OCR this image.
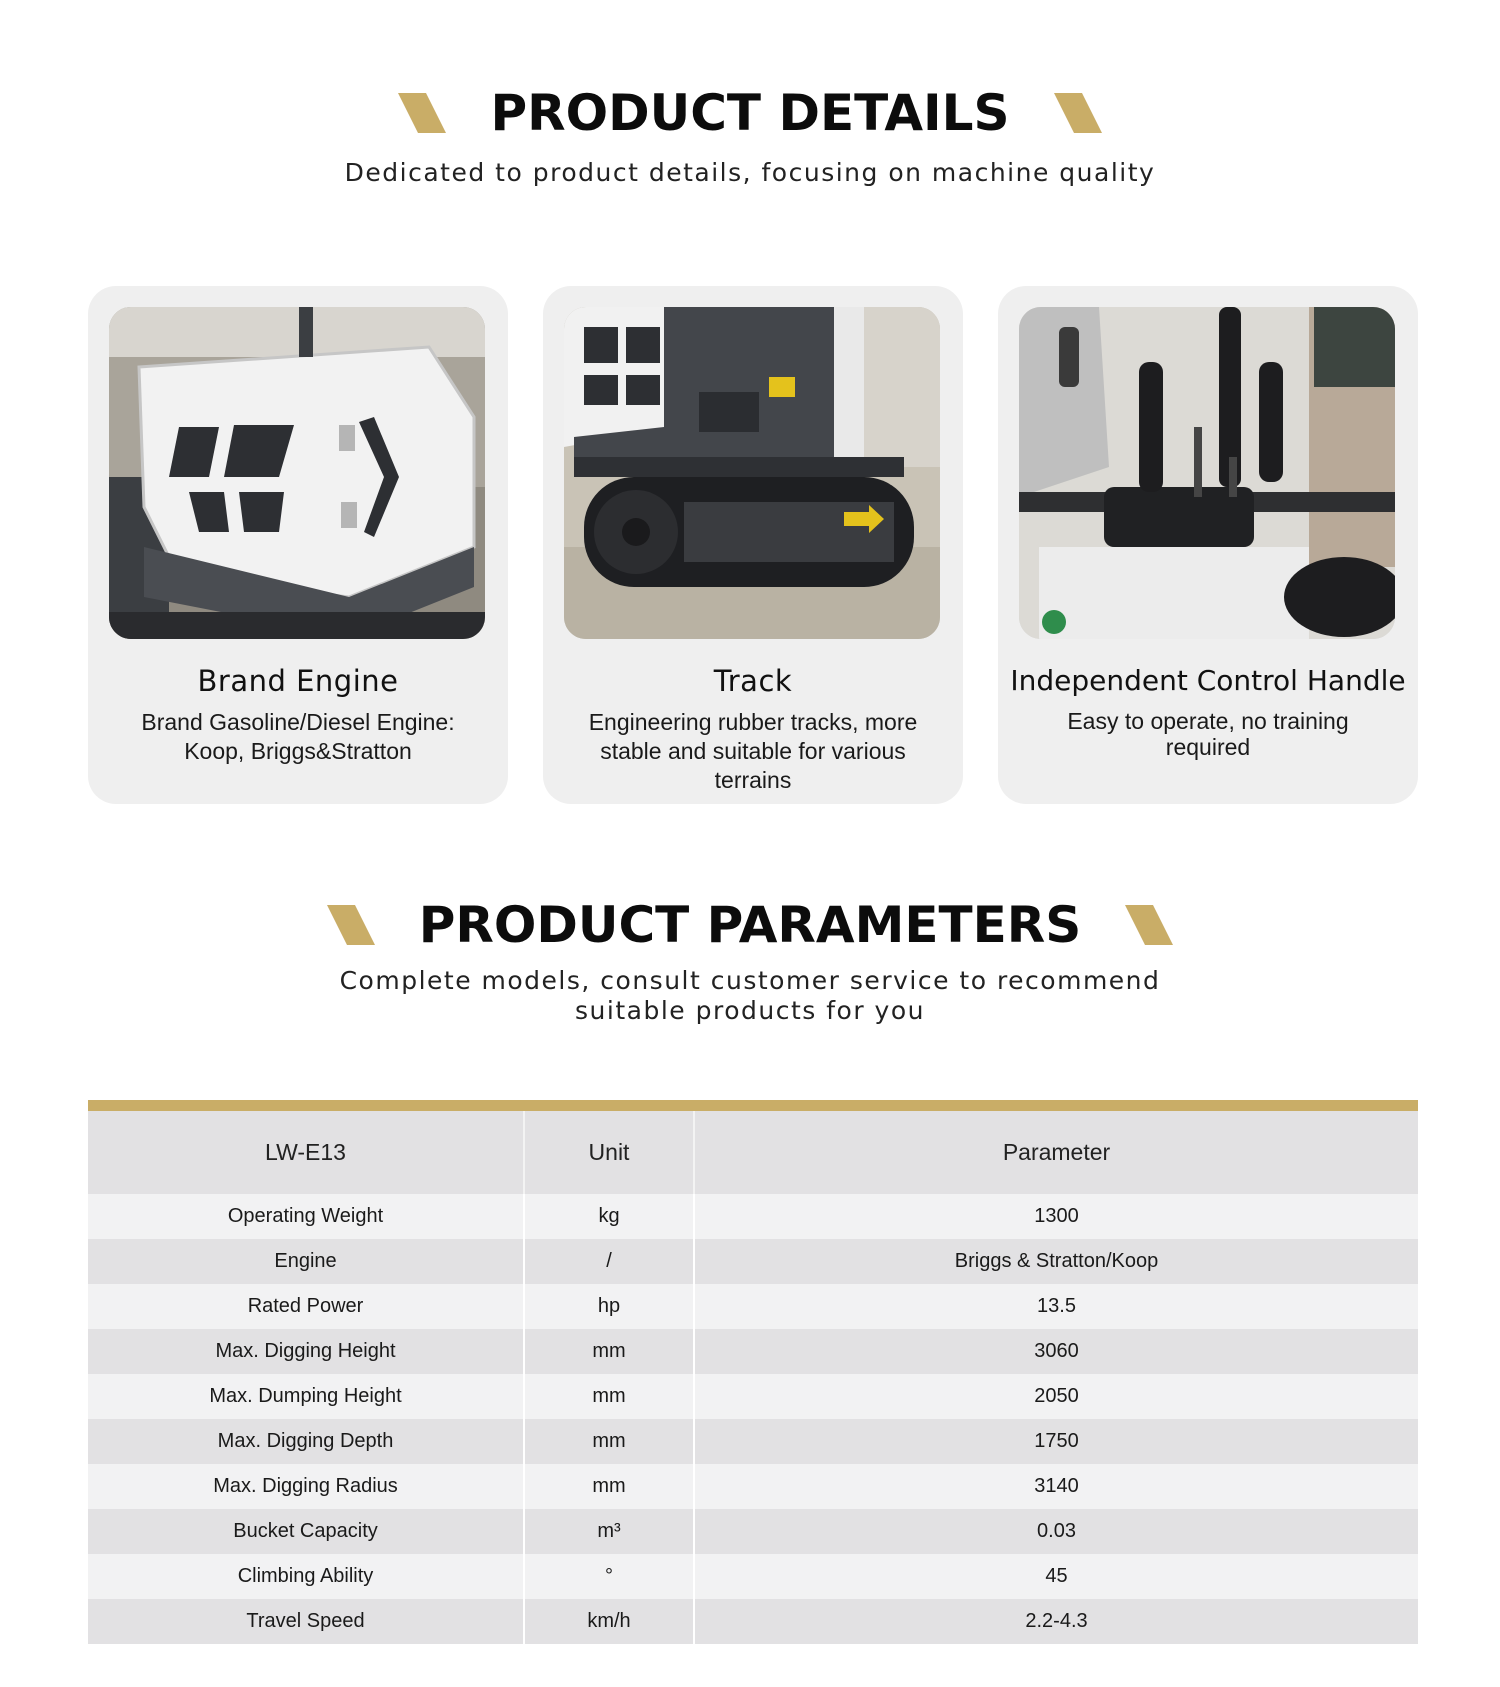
PRODUCT DETAILS
Dedicated to product details, focusing on machine quality
Brand Engine
Brand Gasoline/Diesel Engine: Koop, Briggs&Stratton
Track
Engineering rubber tracks, more stable and suitable for various terrains
Independent Control Handle
Easy to operate, no training required
PRODUCT PARAMETERS
Complete models, consult customer service to recommend suitable products for you
LW-E13	Unit	Parameter
Operating Weight	kg	1300
Engine	/	Briggs & Stratton/Koop
Rated Power	hp	13.5
Max. Digging Height	mm	3060
Max. Dumping Height	mm	2050
Max. Digging Depth	mm	1750
Max. Digging Radius	mm	3140
Bucket Capacity	m³	0.03
Climbing Ability	°	45
Travel Speed	km/h	2.2-4.3
